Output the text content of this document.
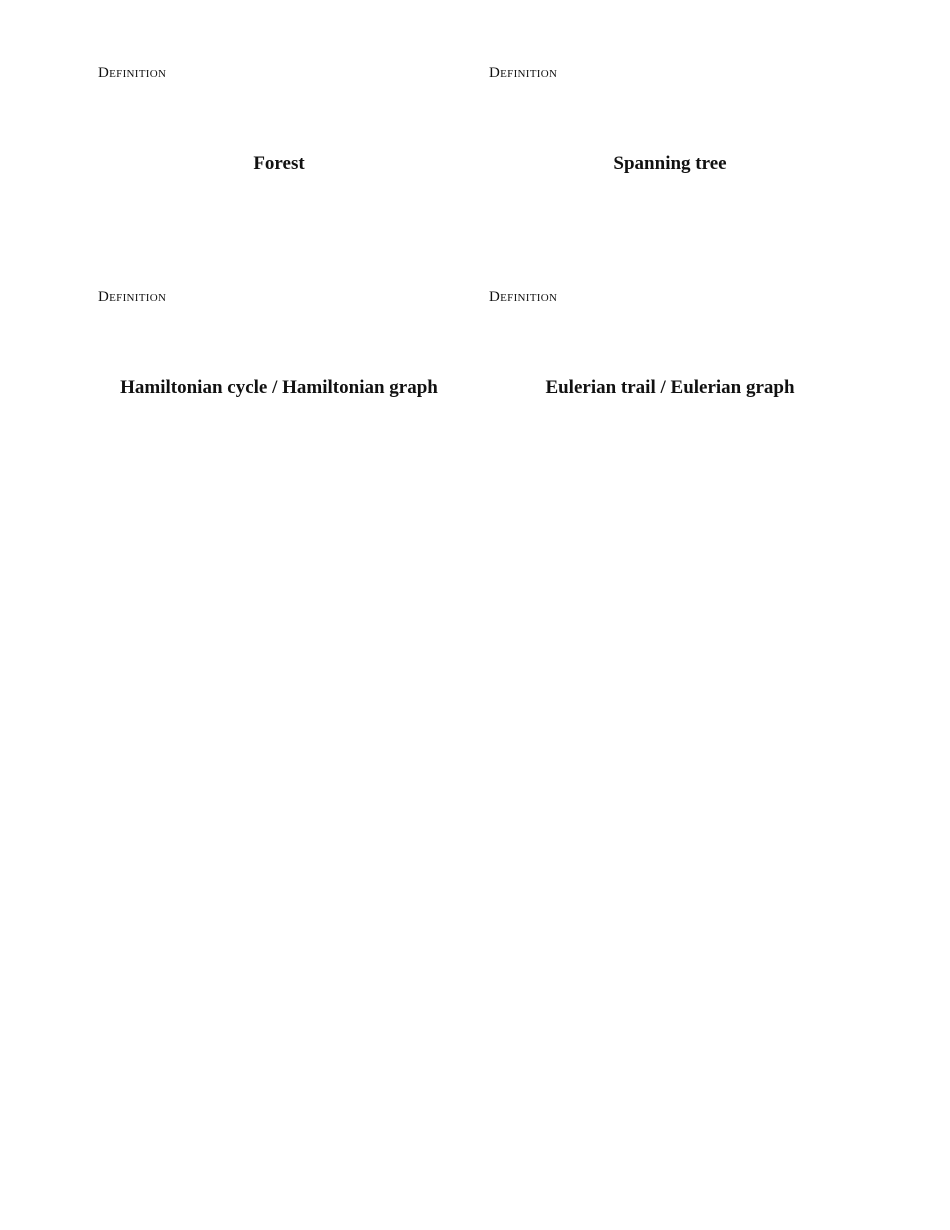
Definition
Forest
Definition
Spanning tree
Definition
Hamiltonian cycle / Hamiltonian graph
Definition
Eulerian trail / Eulerian graph
